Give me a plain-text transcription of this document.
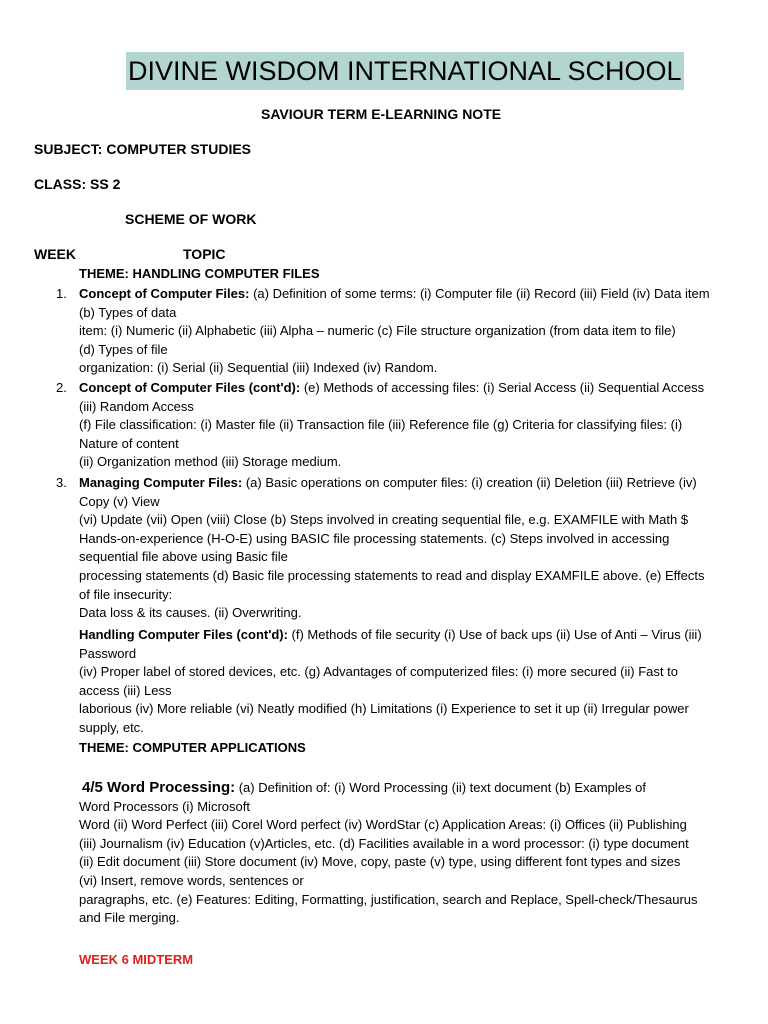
DIVINE WISDOM INTERNATIONAL SCHOOL
SAVIOUR TERM E-LEARNING NOTE
SUBJECT: COMPUTER STUDIES
CLASS: SS 2
SCHEME OF WORK
WEEK	TOPIC
THEME: HANDLING COMPUTER FILES
1. Concept of Computer Files: (a) Definition of some terms: (i) Computer file (ii) Record (iii) Field (iv) Data item
(b) Types of data
item: (i) Numeric (ii) Alphabetic (iii) Alpha – numeric (c) File structure organization (from data item to file)
(d) Types of file
organization: (i) Serial (ii) Sequential (iii) Indexed (iv) Random.
2. Concept of Computer Files (cont'd): (e) Methods of accessing files: (i) Serial Access (ii) Sequential Access
(iii) Random Access
(f) File classification: (i) Master file (ii) Transaction file (iii) Reference file (g) Criteria for classifying files: (i)
Nature of content
(ii) Organization method (iii) Storage medium.
3. Managing Computer Files: (a) Basic operations on computer files: (i) creation (ii) Deletion (iii) Retrieve (iv)
Copy (v) View
(vi) Update (vii) Open (viii) Close (b) Steps involved in creating sequential file, e.g. EXAMFILE with Math $
Hands-on-experience (H-O-E) using BASIC file processing statements. (c) Steps involved in accessing
sequential file above using Basic file
processing statements (d) Basic file processing statements to read and display EXAMFILE above. (e) Effects
of file insecurity:
Data loss & its causes. (ii) Overwriting.
Handling Computer Files (cont'd): (f) Methods of file security (i) Use of back ups (ii) Use of Anti – Virus (iii)
Password
(iv) Proper label of stored devices, etc. (g) Advantages of computerized files: (i) more secured (ii) Fast to
access (iii) Less
laborious (iv) More reliable (vi) Neatly modified (h) Limitations (i) Experience to set it up (ii) Irregular power
supply, etc.
THEME: COMPUTER APPLICATIONS
4/5 Word Processing: (a) Definition of: (i) Word Processing (ii) text document (b) Examples of
Word Processors (i) Microsoft
Word (ii) Word Perfect (iii) Corel Word perfect (iv) WordStar (c) Application Areas: (i) Offices (ii) Publishing
(iii) Journalism (iv) Education (v)Articles, etc. (d) Facilities available in a word processor: (i) type document
(ii) Edit document (iii) Store document (iv) Move, copy, paste (v) type, using different font types and sizes
(vi) Insert, remove words, sentences or
paragraphs, etc. (e) Features: Editing, Formatting, justification, search and Replace, Spell-check/Thesaurus
and File merging.
WEEK 6 MIDTERM
